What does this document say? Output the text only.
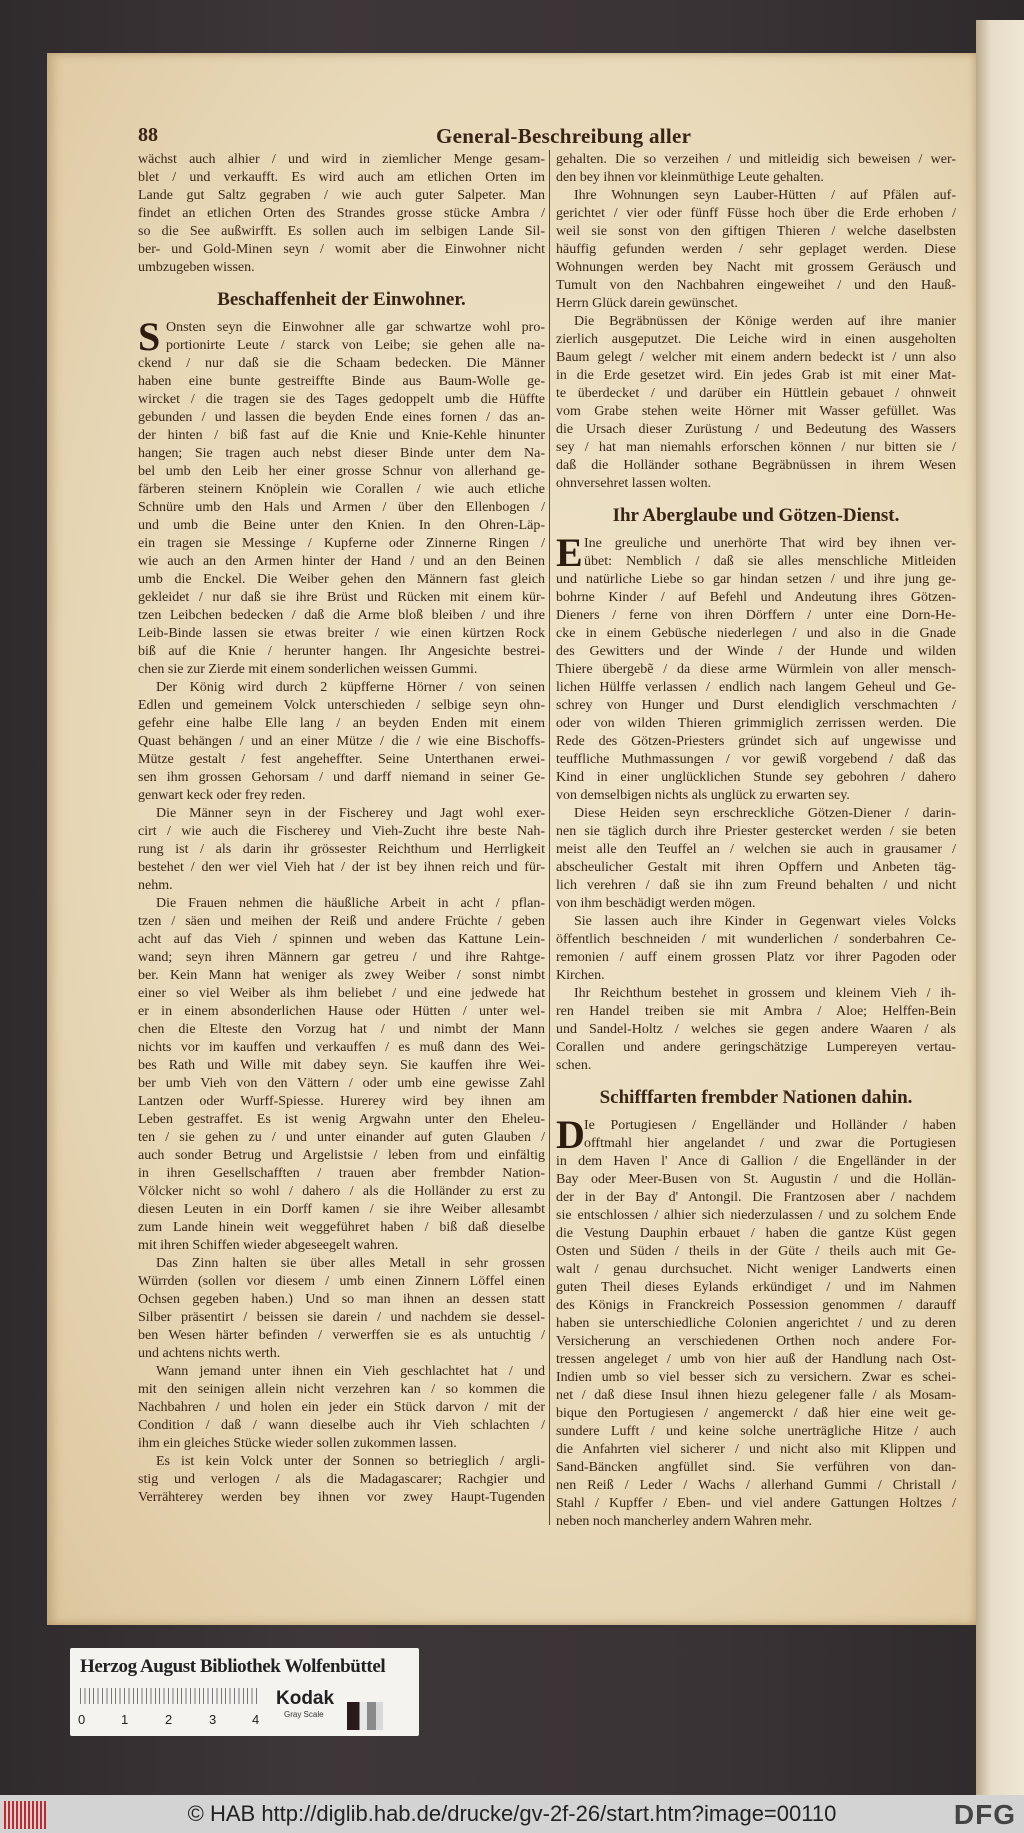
88	General-Beschreibung aller
wächst auch alhier / und wird in ziemlicher Menge gesam-
blet / und verkaufft. Es wird auch am etlichen Orten im
Lande gut Saltz gegraben / wie auch guter Salpeter. Man
findet an etlichen Orten des Strandes grosse stücke Ambra /
so die See außwirfft. Es sollen auch im selbigen Lande Sil-
ber- und Gold-Minen seyn / womit aber die Einwohner nicht
umbzugeben wissen.
Beschaffenheit der Einwohner.
S Onsten seyn die Einwohner alle gar schwartze wohl pro-
portionirte Leute / starck von Leibe; sie gehen alle na-
ckend / nur daß sie die Schaam bedecken. Die Männer
haben eine bunte gestreiffte Binde aus Baum-Wolle ge-
wircket / die tragen sie des Tages gedoppelt umb die Hüffte
gebunden / und lassen die beyden Ende eines fornen / das an-
der hinten / biß fast auf die Knie und Knie-Kehle hinunter
hangen; Sie tragen auch nebst dieser Binde unter dem Na-
bel umb den Leib her einer grosse Schnur von allerhand ge-
färberen steinern Knöplein wie Corallen / wie auch etliche
Schnüre umb den Hals und Armen / über den Ellenbogen /
und umb die Beine unter den Knien. In den Ohren-Läp-
ein tragen sie Messinge / Kupferne oder Zinnerne Ringen /
wie auch an den Armen hinter der Hand / und an den Beinen
umb die Enckel. Die Weiber gehen den Männern fast gleich
gekleidet / nur daß sie ihre Brüst und Rücken mit einem kür-
tzen Leibchen bedecken / daß die Arme bloß bleiben / und ihre
Leib-Binde lassen sie etwas breiter / wie einen kürtzen Rock
biß auf die Knie / herunter hangen. Ihr Angesichte bestrei-
chen sie zur Zierde mit einem sonderlichen weissen Gummi.
Der König wird durch 2 küpfferne Hörner / von seinen
Edlen und gemeinem Volck unterschieden / selbige seyn ohn-
gefehr eine halbe Elle lang / an beyden Enden mit einem
Quast behängen / und an einer Mütze / die / wie eine Bischoffs-
Mütze gestalt / fest angeheffter. Seine Unterthanen erwei-
sen ihm grossen Gehorsam / und darff niemand in seiner Ge-
genwart keck oder frey reden.
Die Männer seyn in der Fischerey und Jagt wohl exer-
cirt / wie auch die Fischerey und Vieh-Zucht ihre beste Nah-
rung ist / als darin ihr grössester Reichthum und Herrligkeit
bestehet / den wer viel Vieh hat / der ist bey ihnen reich und für-
nehm.
Die Frauen nehmen die häußliche Arbeit in acht / pflan-
tzen / säen und meihen der Reiß und andere Früchte / geben
acht auf das Vieh / spinnen und weben das Kattune Lein-
wand; seyn ihren Männern gar getreu / und ihre Rahtge-
ber. Kein Mann hat weniger als zwey Weiber / sonst nimbt
einer so viel Weiber als ihm beliebet / und eine jedwede hat
er in einem absonderlichen Hause oder Hütten / unter wel-
chen die Elteste den Vorzug hat / und nimbt der Mann
nichts vor im kauffen und verkauffen / es muß dann des Wei-
bes Rath und Wille mit dabey seyn. Sie kauffen ihre Wei-
ber umb Vieh von den Vättern / oder umb eine gewisse Zahl
Lantzen oder Wurff-Spiesse. Hurerey wird bey ihnen am
Leben gestraffet. Es ist wenig Argwahn unter den Eheleu-
ten / sie gehen zu / und unter einander auf guten Glauben /
auch sonder Betrug und Argelistsie / leben from und einfältig
in ihren Gesellschafften / trauen aber frembder Nation-
Völcker nicht so wohl / dahero / als die Holländer zu erst zu
diesen Leuten in ein Dorff kamen / sie ihre Weiber allesambt
zum Lande hinein weit weggeführet haben / biß daß dieselbe
mit ihren Schiffen wieder abgeseegelt wahren.
Das Zinn halten sie über alles Metall in sehr grossen
Würrden (sollen vor diesem / umb einen Zinnern Löffel einen
Ochsen gegeben haben.) Und so man ihnen an dessen statt
Silber präsentirt / beissen sie darein / und nachdem sie dessel-
ben Wesen härter befinden / verwerffen sie es als untuchtig /
und achtens nichts werth.
Wann jemand unter ihnen ein Vieh geschlachtet hat / und
mit den seinigen allein nicht verzehren kan / so kommen die
Nachbahren / und holen ein jeder ein Stück darvon / mit der
Condition / daß / wann dieselbe auch ihr Vieh schlachten /
ihm ein gleiches Stücke wieder sollen zukommen lassen.
Es ist kein Volck unter der Sonnen so betrieglich / argli-
stig und verlogen / als die Madagascarer; Rachgier und
Verrähterey werden bey ihnen vor zwey Haupt-Tugenden
gehalten. Die so verzeihen / und mitleidig sich beweisen / wer-
den bey ihnen vor kleinmüthige Leute gehalten.
Ihre Wohnungen seyn Lauber-Hütten / auf Pfälen auf-
gerichtet / vier oder fünff Füsse hoch über die Erde erhoben /
weil sie sonst von den giftigen Thieren / welche daselbsten
häuffig gefunden werden / sehr geplaget werden. Diese
Wohnungen werden bey Nacht mit grossem Geräusch und
Tumult von den Nachbahren eingeweihet / und den Hauß-
Herrn Glück darein gewünschet.
Die Begräbnüssen der Könige werden auf ihre manier
zierlich ausgeputzet. Die Leiche wird in einen ausgeholten
Baum gelegt / welcher mit einem andern bedeckt ist / unn also
in die Erde gesetzet wird. Ein jedes Grab ist mit einer Mat-
te überdecket / und darüber ein Hüttlein gebauet / ohnweit
vom Grabe stehen weite Hörner mit Wasser gefüllet. Was
die Ursach dieser Zurüstung / und Bedeutung des Wassers
sey / hat man niemahls erforschen können / nur bitten sie /
daß die Holländer sothane Begräbnüssen in ihrem Wesen
ohnversehret lassen wolten.
Ihr Aberglaube und Götzen-Dienst.
E Ine greuliche und unerhörte That wird bey ihnen ver-
übet: Nemblich / daß sie alles menschliche Mitleiden
und natürliche Liebe so gar hindan setzen / und ihre jung ge-
bohrne Kinder / auf Befehl und Andeutung ihres Götzen-
Dieners / ferne von ihren Dörffern / unter eine Dorn-He-
cke in einem Gebüsche niederlegen / und also in die Gnade
des Gewitters und der Winde / der Hunde und wilden
Thiere übergebẽ / da diese arme Würmlein von aller mensch-
lichen Hülffe verlassen / endlich nach langem Geheul und Ge-
schrey von Hunger und Durst elendiglich verschmachten /
oder von wilden Thieren grimmiglich zerrissen werden. Die
Rede des Götzen-Priesters gründet sich auf ungewisse und
teuffliche Muthmassungen / vor gewiß vorgebend / daß das
Kind in einer unglücklichen Stunde sey gebohren / dahero
von demselbigen nichts als unglück zu erwarten sey.
Diese Heiden seyn erschreckliche Götzen-Diener / darin-
nen sie täglich durch ihre Priester gestercket werden / sie beten
meist alle den Teuffel an / welchen sie auch in grausamer /
abscheulicher Gestalt mit ihren Opffern und Anbeten täg-
lich verehren / daß sie ihn zum Freund behalten / und nicht
von ihm beschädigt werden mögen.
Sie lassen auch ihre Kinder in Gegenwart vieles Volcks
öffentlich beschneiden / mit wunderlichen / sonderbahren Ce-
remonien / auff einem grossen Platz vor ihrer Pagoden oder
Kirchen.
Ihr Reichthum bestehet in grossem und kleinem Vieh / ih-
ren Handel treiben sie mit Ambra / Aloe; Helffen-Bein
und Sandel-Holtz / welches sie gegen andere Waaren / als
Corallen und andere geringschätzige Lumpereyen vertau-
schen.
Schifffarten frembder Nationen dahin.
D Ie Portugiesen / Engelländer und Holländer / haben
offtmahl hier angelandet / und zwar die Portugiesen
in dem Haven l' Ance di Gallion / die Engelländer in der
Bay oder Meer-Busen von St. Augustin / und die Hollän-
der in der Bay d' Antongil. Die Frantzosen aber / nachdem
sie entschlossen / alhier sich niederzulassen / und zu solchem Ende
die Vestung Dauphin erbauet / haben die gantze Küst gegen
Osten und Süden / theils in der Güte / theils auch mit Ge-
walt / genau durchsuchet. Nicht weniger Landwerts einen
guten Theil dieses Eylands erkündiget / und im Nahmen
des Königs in Franckreich Possession genommen / darauff
haben sie unterschiedliche Colonien angerichtet / und zu deren
Versicherung an verschiedenen Orthen noch andere For-
tressen angeleget / umb von hier auß der Handlung nach Ost-
Indien umb so viel besser sich zu versichern. Zwar es schei-
net / daß diese Insul ihnen hiezu gelegener falle / als Mosam-
bique den Portugiesen / angemerckt / daß hier eine weit ge-
sundere Lufft / und keine solche unerträgliche Hitze / auch
die Anfahrten viel sicherer / und nicht also mit Klippen und
Sand-Bäncken angfüllet sind. Sie verführen von dan-
nen Reiß / Leder / Wachs / allerhand Gummi / Christall /
Stahl / Kupffer / Eben- und viel andere Gattungen Holtzes /
neben noch mancherley andern Wahren mehr.
Herzog August Bibliothek Wolfenbüttel
0	1	2	3	4
Kodak
Gray Scale
© HAB http://diglib.hab.de/drucke/gv-2f-26/start.htm?image=00110	DFG
